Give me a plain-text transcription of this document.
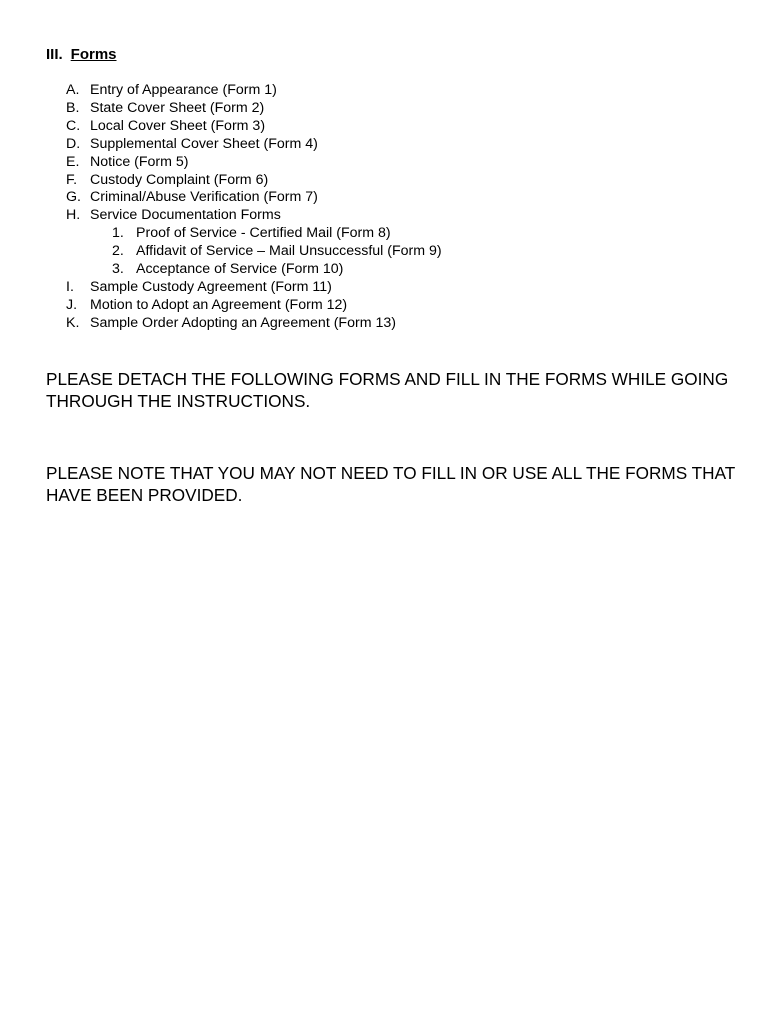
III. Forms
A. Entry of Appearance (Form 1)
B. State Cover Sheet (Form 2)
C. Local Cover Sheet (Form 3)
D. Supplemental Cover Sheet (Form 4)
E. Notice (Form 5)
F. Custody Complaint (Form 6)
G. Criminal/Abuse Verification (Form 7)
H. Service Documentation Forms
1. Proof of Service - Certified Mail (Form 8)
2. Affidavit of Service – Mail Unsuccessful (Form 9)
3. Acceptance of Service (Form 10)
I. Sample Custody Agreement (Form 11)
J. Motion to Adopt an Agreement (Form 12)
K. Sample Order Adopting an Agreement (Form 13)

PLEASE DETACH THE FOLLOWING FORMS AND FILL IN THE FORMS WHILE GOING THROUGH THE INSTRUCTIONS.

PLEASE NOTE THAT YOU MAY NOT NEED TO FILL IN OR USE ALL THE FORMS THAT HAVE BEEN PROVIDED.
